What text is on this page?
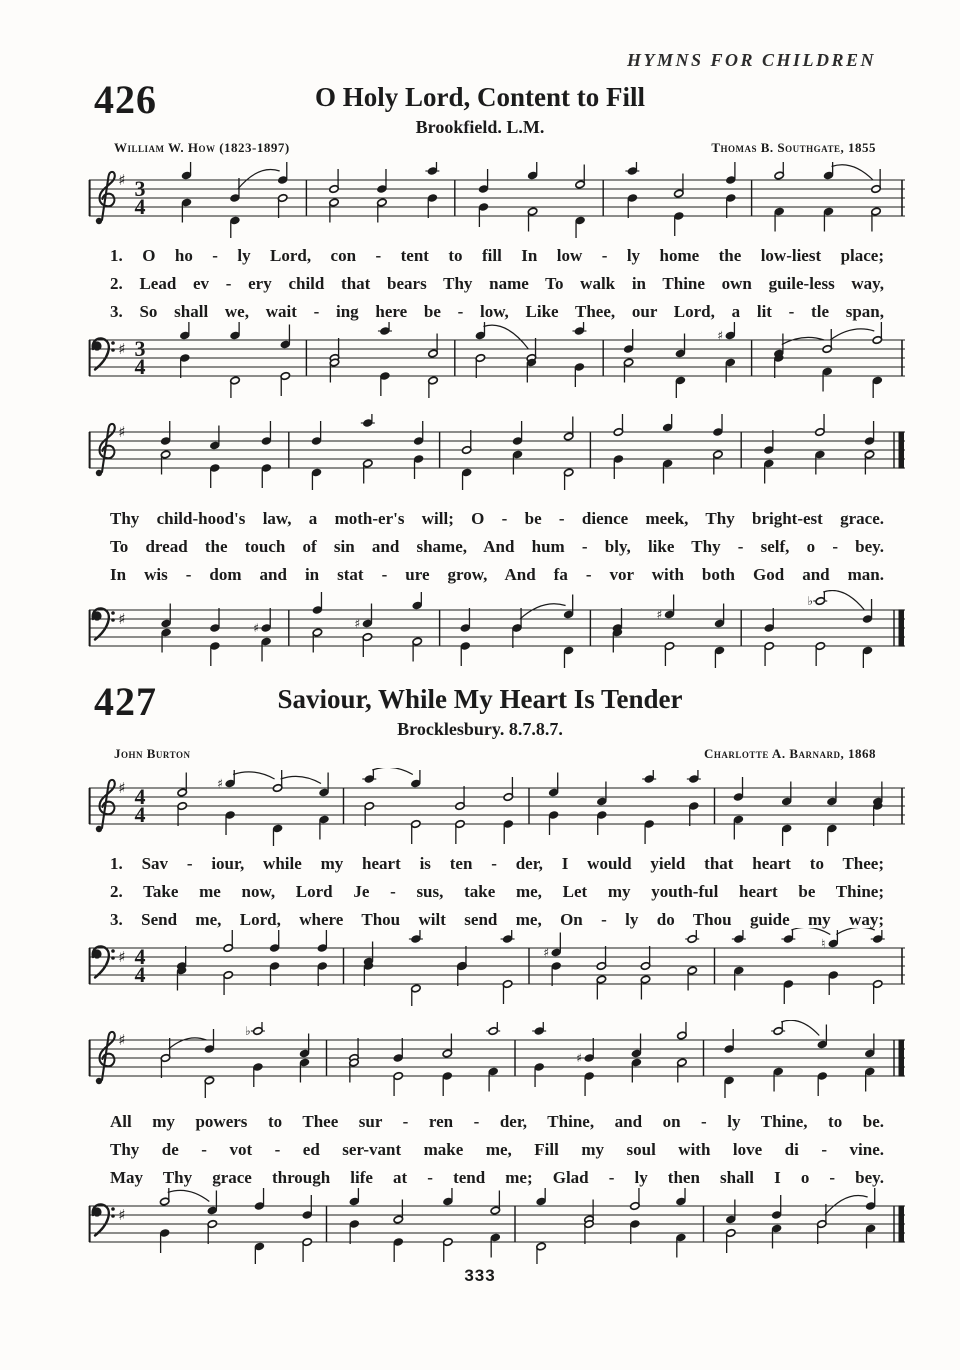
HYMNS FOR CHILDREN
426	O Holy Lord, Content to Fill
Brookfield. L.M.
William W. How (1823-1897)	Thomas B. Southgate, 1855
♯ 3
4
1. O ho - ly Lord, con - tent to fill In low - ly home the low-liest place;
2. Lead ev - ery child that bears Thy name To walk in Thine own guile-less way,
3. So shall we, wait - ing here be - low, Like Thee, our Lord, a lit - tle span,
♯ 3
4
♯
♯
Thy child-hood's law, a moth-er's will; O - be - dience meek, Thy bright-est grace.
To dread the touch of sin and shame, And hum - bly, like Thy - self, o - bey.
In wis - dom and in stat - ure grow, And fa - vor with both God and man.
♯	♯	♯
♯
♭
427	Saviour, While My Heart Is Tender
Brocklesbury. 8.7.8.7.
John Burton	Charlotte A. Barnard, 1868
♯ 4
4
♯
1. Sav - iour, while my heart is ten - der, I would yield that heart to Thee;
2. Take me now, Lord Je - sus, take me, Let my youth-ful heart be Thine;
3. Send me, Lord, where Thou wilt send me, On - ly do Thou guide my way;
♯ 4
4
♯
♮
♯	♭
♯
All my powers to Thee sur - ren - der, Thine, and on - ly Thine, to be.
Thy de - vot - ed ser-vant make me, Fill my soul with love di - vine.
May Thy grace through life at - tend me; Glad - ly then shall I o - bey.
♯
333
